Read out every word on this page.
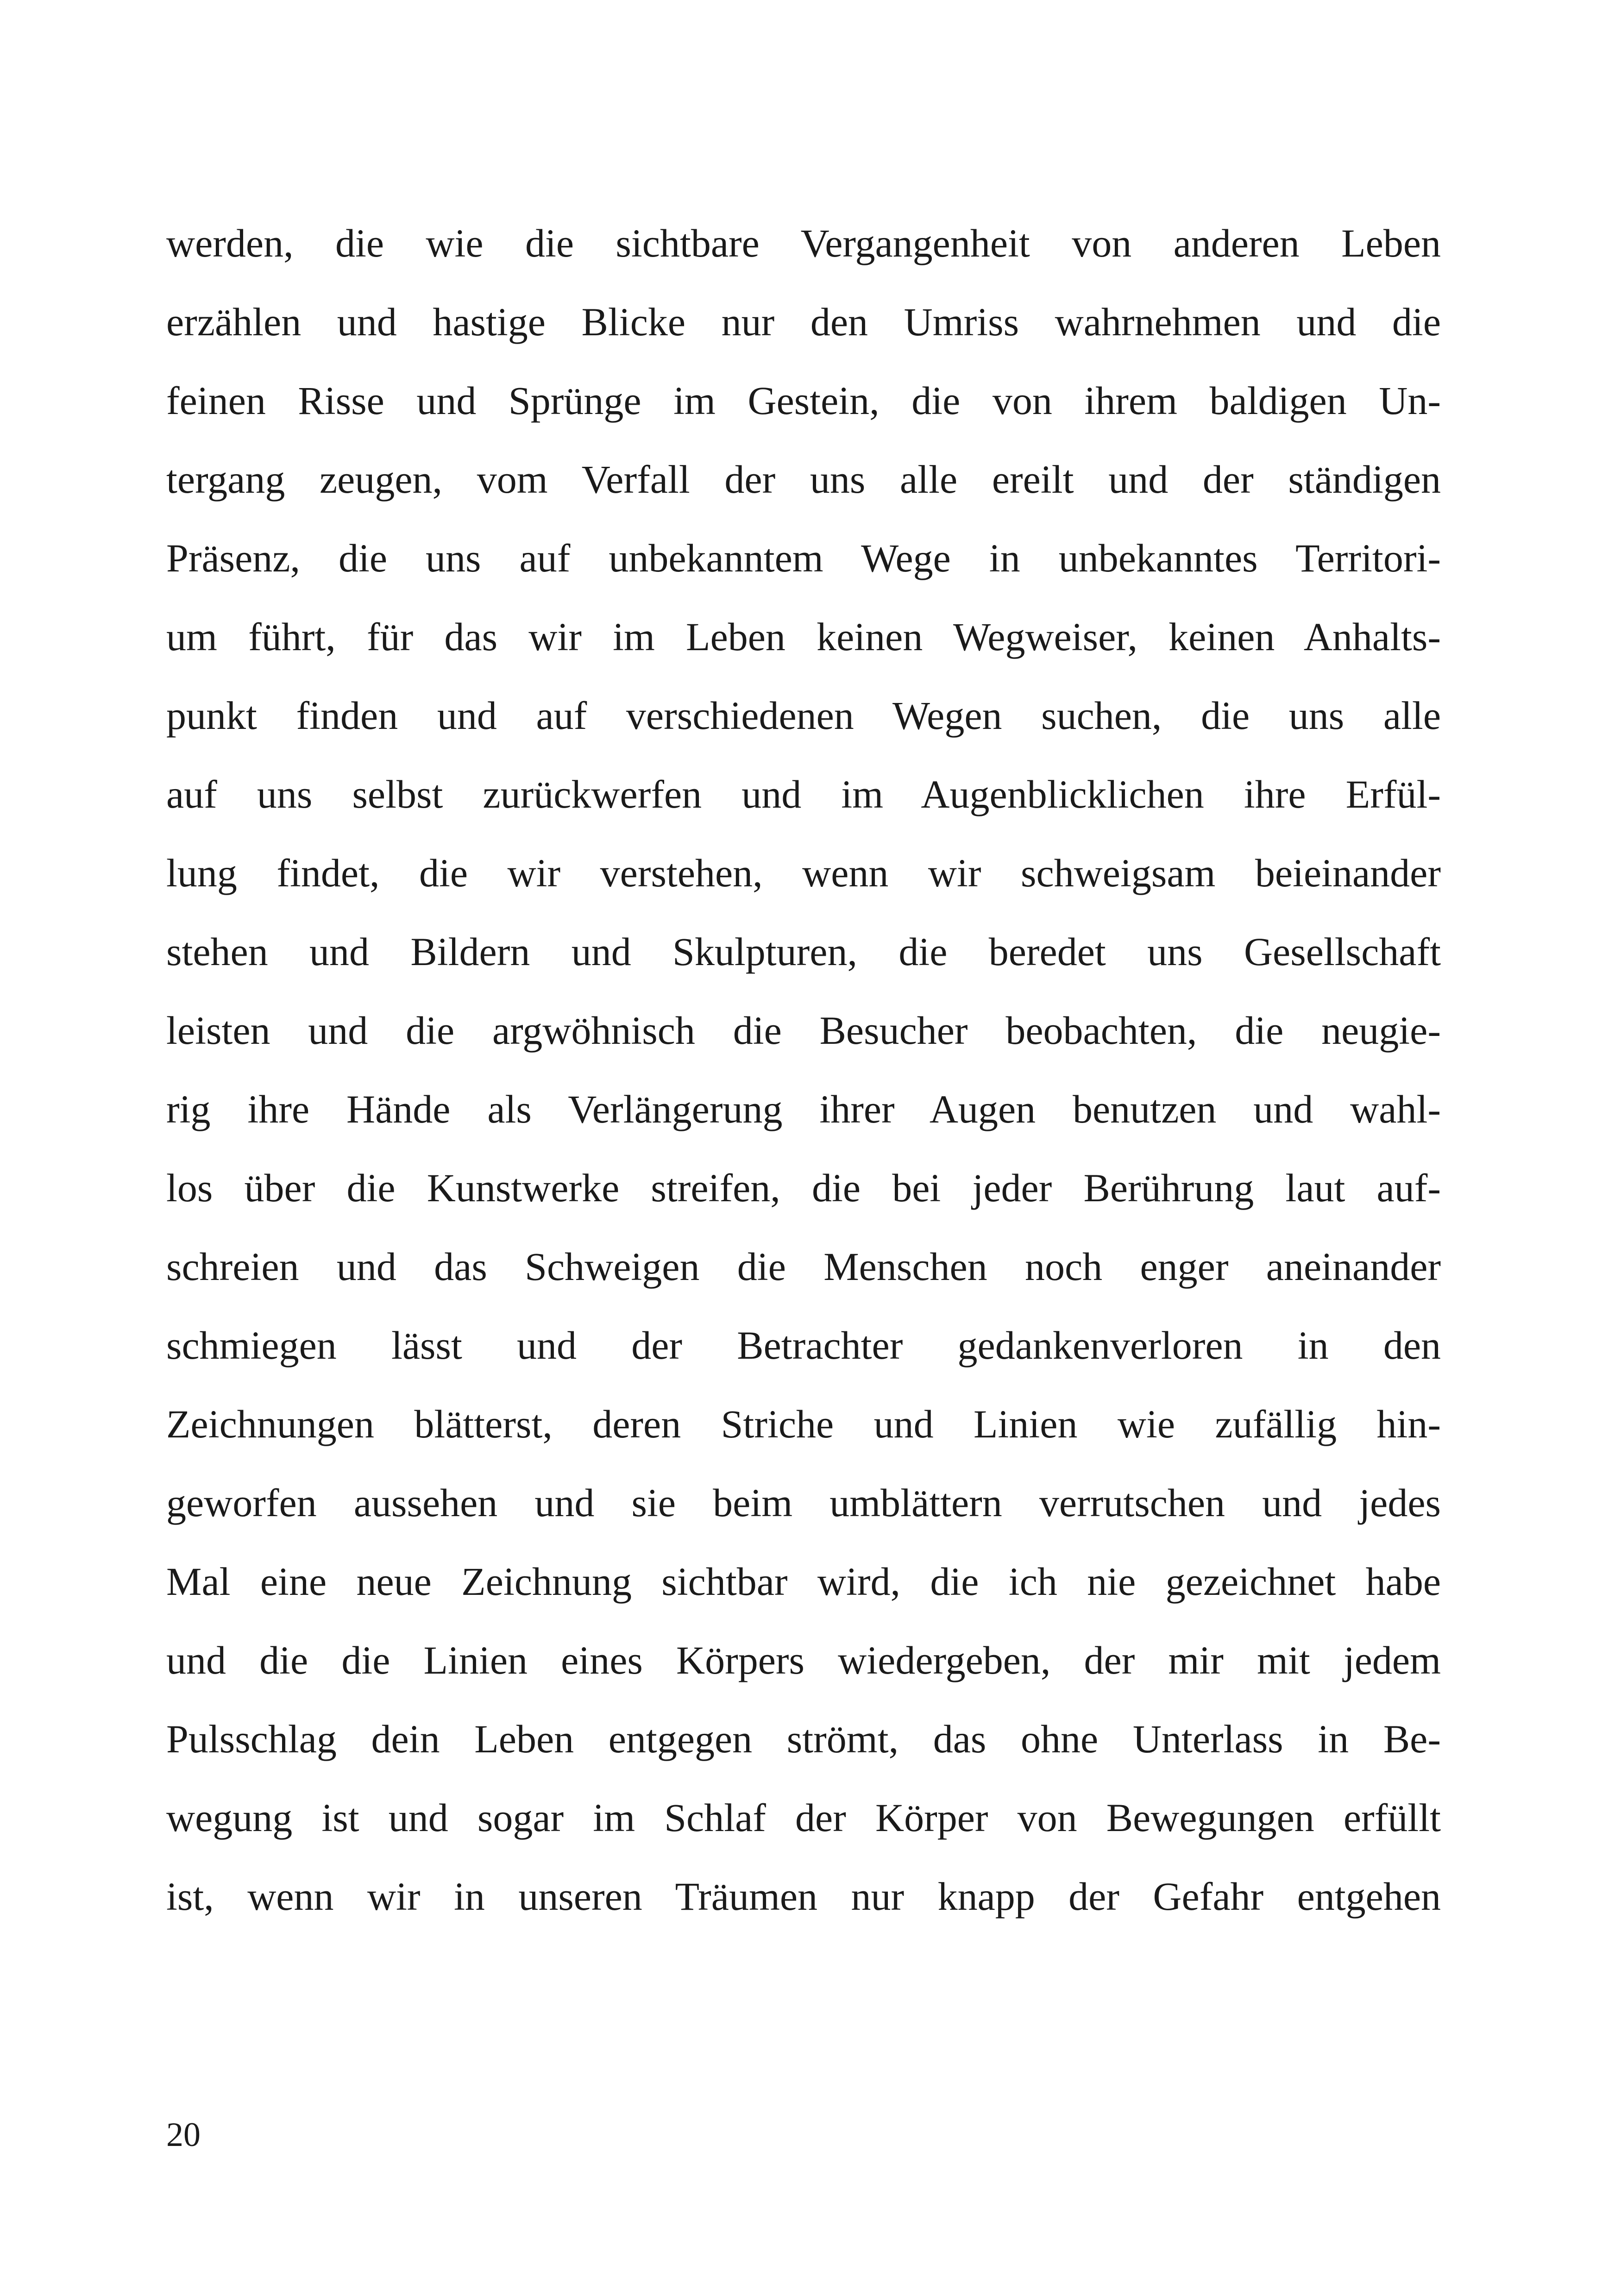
werden, die wie die sichtbare Vergangenheit von anderen Leben
erzählen und hastige Blicke nur den Umriss wahrnehmen und die
feinen Risse und Sprünge im Gestein, die von ihrem baldigen Un-
tergang zeugen, vom Verfall der uns alle ereilt und der ständigen
Präsenz, die uns auf unbekanntem Wege in unbekanntes Territori-
um führt, für das wir im Leben keinen Wegweiser, keinen Anhalts-
punkt finden und auf verschiedenen Wegen suchen, die uns alle
auf uns selbst zurückwerfen und im Augenblicklichen ihre Erfül-
lung findet, die wir verstehen, wenn wir schweigsam beieinander
stehen und Bildern und Skulpturen, die beredet uns Gesellschaft
leisten und die argwöhnisch die Besucher beobachten, die neugie-
rig ihre Hände als Verlängerung ihrer Augen benutzen und wahl-
los über die Kunstwerke streifen, die bei jeder Berührung laut auf-
schreien und das Schweigen die Menschen noch enger aneinander
schmiegen lässt und der Betrachter gedankenverloren in den
Zeichnungen blätterst, deren Striche und Linien wie zufällig hin-
geworfen aussehen und sie beim umblättern verrutschen und jedes
Mal eine neue Zeichnung sichtbar wird, die ich nie gezeichnet habe
und die die Linien eines Körpers wiedergeben, der mir mit jedem
Pulsschlag dein Leben entgegen strömt, das ohne Unterlass in Be-
wegung ist und sogar im Schlaf der Körper von Bewegungen erfüllt
ist, wenn wir in unseren Träumen nur knapp der Gefahr entgehen
20
